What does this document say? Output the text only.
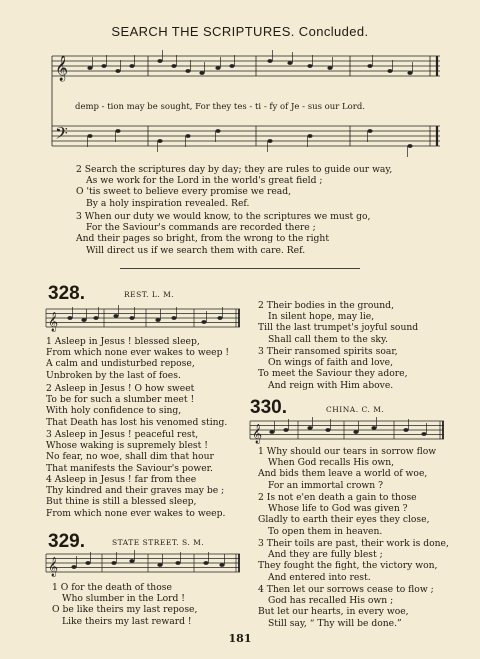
SEARCH THE SCRIPTURES. Concluded.
𝄞
𝄢
demp - tion may be sought, For they tes - ti - fy of Je - sus our Lord.
2 Search the scriptures day by day; they are rules to guide our way,
As we work for the Lord in the world's great field ;
O 'tis sweet to believe every promise we read,
By a holy inspiration revealed. Ref.
3 When our duty we would know, to the scriptures we must go,
For the Saviour's commands are recorded there ;
And their pages so bright, from the wrong to the right
Will direct us if we search them with care. Ref.
328.	REST. L. M.
𝄞
1 Asleep in Jesus ! blessed sleep,
From which none ever wakes to weep !
A calm and undisturbed repose,
Unbroken by the last of foes.
2 Asleep in Jesus ! O how sweet
To be for such a slumber meet !
With holy confidence to sing,
That Death has lost his venomed sting.
3 Asleep in Jesus ! peaceful rest,
Whose waking is supremely blest !
No fear, no woe, shall dim that hour
That manifests the Saviour's power.
4 Asleep in Jesus ! far from thee
Thy kindred and their graves may be ;
But thine is still a blessed sleep,
From which none ever wakes to weep.
2 Their bodies in the ground,
In silent hope, may lie,
Till the last trumpet's joyful sound
Shall call them to the sky.
3 Their ransomed spirits soar,
On wings of faith and love,
To meet the Saviour they adore,
And reign with Him above.
330.	CHINA. C. M.
𝄞
1 Why should our tears in sorrow flow
When God recalls His own,
And bids them leave a world of woe,
For an immortal crown ?
2 Is not e'en death a gain to those
Whose life to God was given ?
Gladly to earth their eyes they close,
To open them in heaven.
3 Their toils are past, their work is done,
And they are fully blest ;
They fought the fight, the victory won,
And entered into rest.
4 Then let our sorrows cease to flow ;
God has recalled His own ;
But let our hearts, in every woe,
Still say, “ Thy will be done.”
329.	STATE STREET. S. M.
𝄞
1 O for the death of those
Who slumber in the Lord !
O be like theirs my last repose,
Like theirs my last reward !
181
